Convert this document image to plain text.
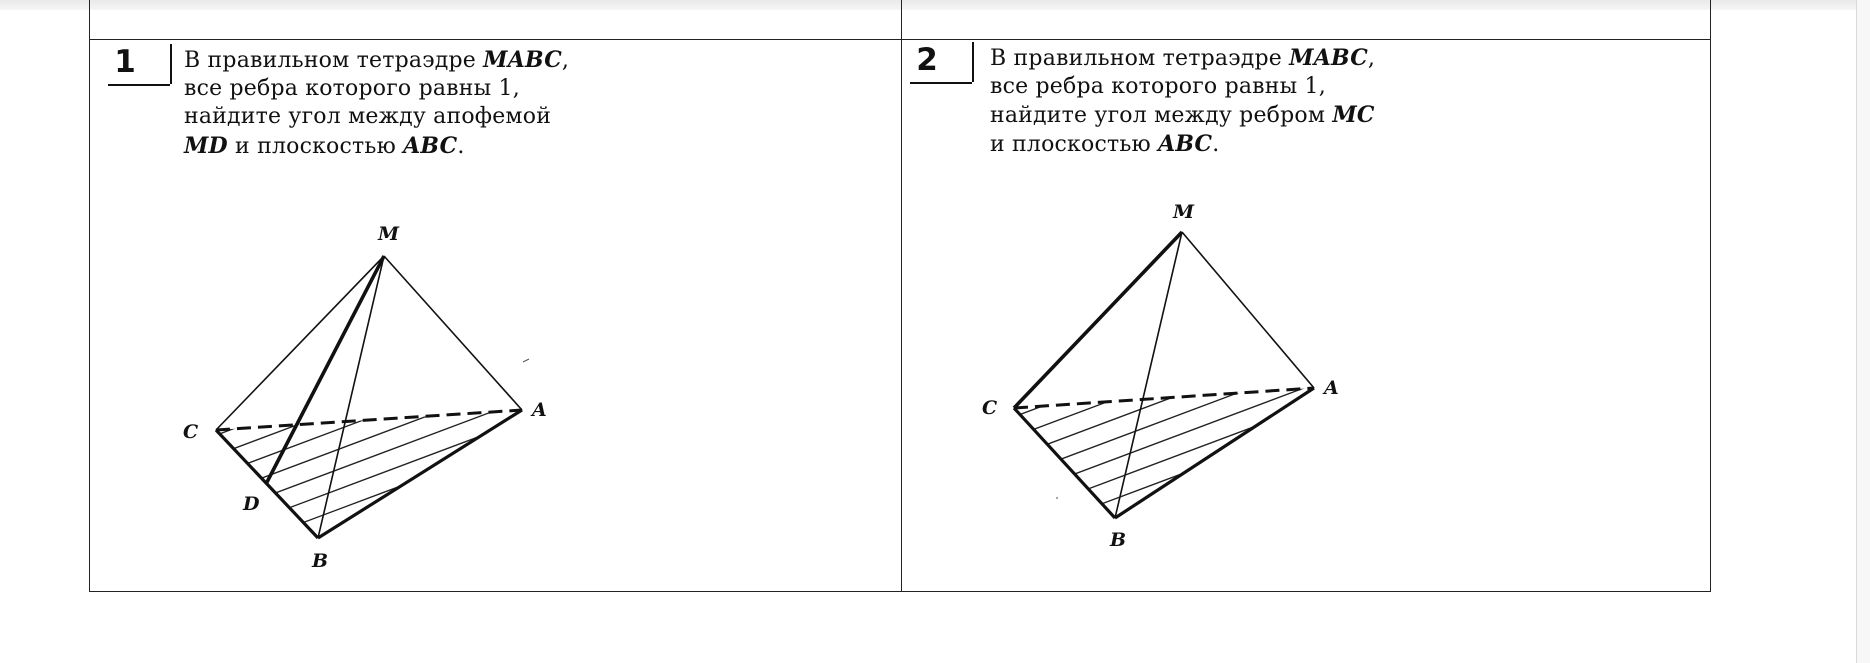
1	В правильном тетраэдре MABC,
все ребра которого равны 1,
найдите угол между апофемой
MD и плоскостью ABC.
M
A
C
D
B
2	В правильном тетраэдре MABC,
все ребра которого равны 1,
найдите угол между ребром MC
и плоскостью ABC.
M
A
C
B
